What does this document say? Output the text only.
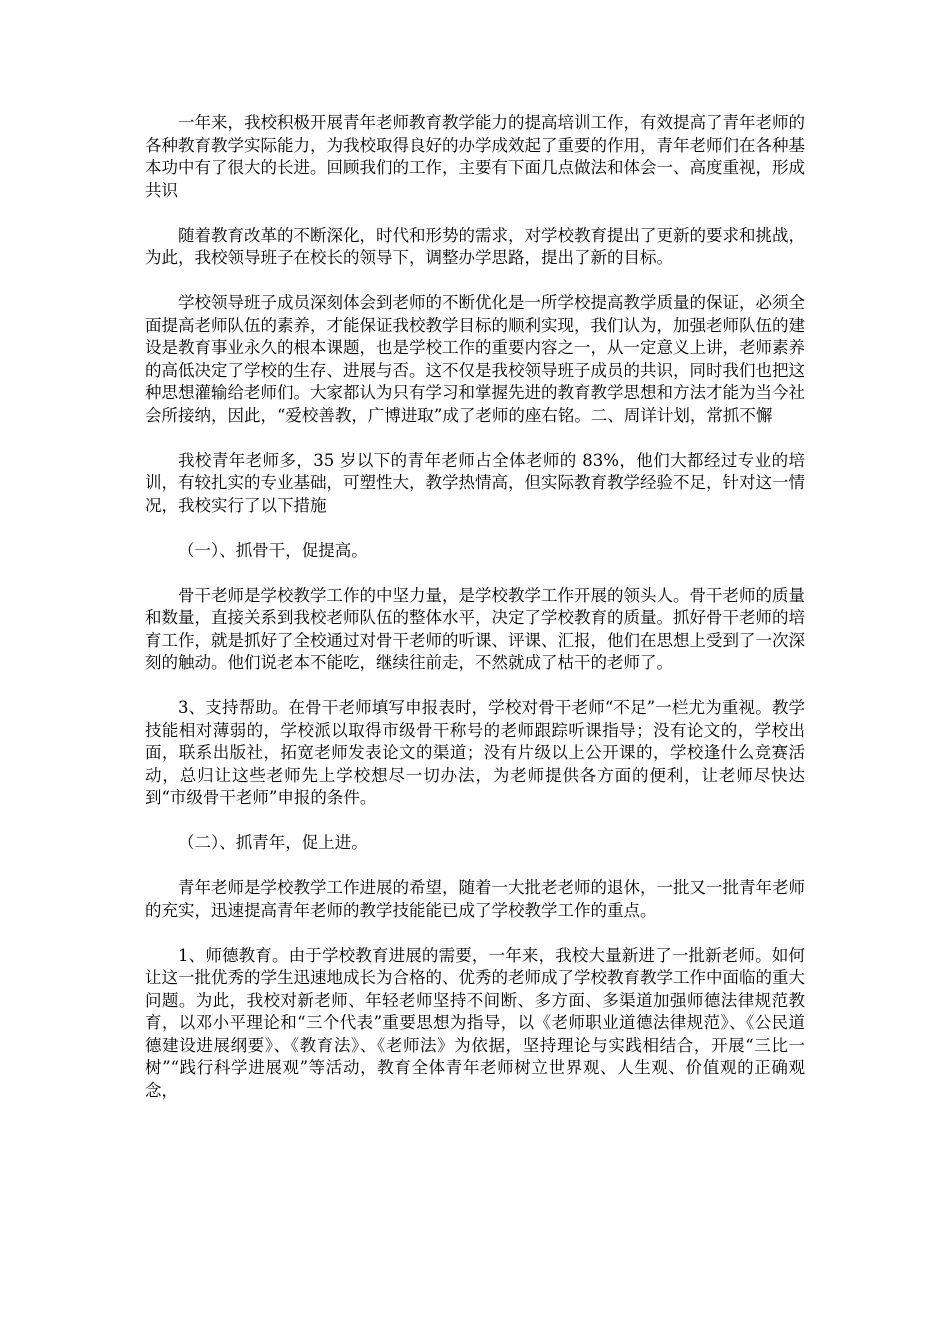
一年来，我校积极开展青年老师教育教学能力的提高培训工作，有效提高了青年老师的各种教育教学实际能力，为我校取得良好的办学成效起了重要的作用，青年老师们在各种基本功中有了很大的长进。回顾我们的工作，主要有下面几点做法和体会一、高度重视，形成共识

随着教育改革的不断深化，时代和形势的需求，对学校教育提出了更新的要求和挑战，为此，我校领导班子在校长的领导下，调整办学思路，提出了新的目标。

学校领导班子成员深刻体会到老师的不断优化是一所学校提高教学质量的保证，必须全面提高老师队伍的素养，才能保证我校教学目标的顺利实现，我们认为，加强老师队伍的建设是教育事业永久的根本课题，也是学校工作的重要内容之一，从一定意义上讲，老师素养的高低决定了学校的生存、进展与否。这不仅是我校领导班子成员的共识，同时我们也把这种思想灌输给老师们。大家都认为只有学习和掌握先进的教育教学思想和方法才能为当今社会所接纳，因此，“爱校善教，广博进取”成了老师的座右铭。二、周详计划，常抓不懈

我校青年老师多，35 岁以下的青年老师占全体老师的 83%，他们大都经过专业的培训，有较扎实的专业基础，可塑性大，教学热情高，但实际教育教学经验不足，针对这一情况，我校实行了以下措施

（一）、抓骨干，促提高。

骨干老师是学校教学工作的中坚力量，是学校教学工作开展的领头人。骨干老师的质量和数量，直接关系到我校老师队伍的整体水平，决定了学校教育的质量。抓好骨干老师的培育工作，就是抓好了全校通过对骨干老师的听课、评课、汇报，他们在思想上受到了一次深刻的触动。他们说老本不能吃，继续往前走，不然就成了枯干的老师了。

3、支持帮助。在骨干老师填写申报表时，学校对骨干老师“不足”一栏尤为重视。教学技能相对薄弱的，学校派以取得市级骨干称号的老师跟踪听课指导；没有论文的，学校出面，联系出版社，拓宽老师发表论文的渠道；没有片级以上公开课的，学校逢什么竞赛活动，总归让这些老师先上学校想尽一切办法，为老师提供各方面的便利，让老师尽快达到“市级骨干老师”申报的条件。

（二）、抓青年，促上进。

青年老师是学校教学工作进展的希望，随着一大批老老师的退休，一批又一批青年老师的充实，迅速提高青年老师的教学技能能已成了学校教学工作的重点。

1、师德教育。由于学校教育进展的需要，一年来，我校大量新进了一批新老师。如何让这一批优秀的学生迅速地成长为合格的、优秀的老师成了学校教育教学工作中面临的重大问题。为此，我校对新老师、年轻老师坚持不间断、多方面、多渠道加强师德法律规范教育，以邓小平理论和“三个代表”重要思想为指导，以《老师职业道德法律规范》、《公民道德建设进展纲要》、《教育法》、《老师法》为依据，坚持理论与实践相结合，开展“三比一树”“践行科学进展观”等活动，教育全体青年老师树立世界观、人生观、价值观的正确观念，
